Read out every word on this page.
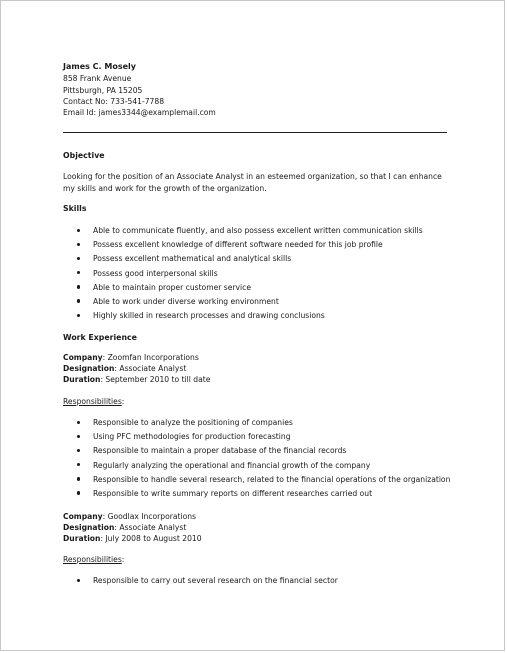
James C. Mosely
858 Frank Avenue
Pittsburgh, PA 15205
Contact No: 733-541-7788
Email Id: james3344@examplemail.com
Objective

Looking for the position of an Associate Analyst in an esteemed organization, so that I can enhance my skills and work for the growth of the organization.

Skills
Able to communicate fluently, and also possess excellent written communication skills
Possess excellent knowledge of different software needed for this job profile
Possess excellent mathematical and analytical skills
Possess good interpersonal skills
Able to maintain proper customer service
Able to work under diverse working environment
Highly skilled in research processes and drawing conclusions
Work Experience
Company: Zoomfan Incorporations
Designation: Associate Analyst
Duration: September 2010 to till date
Responsibilities:
Responsible to analyze the positioning of companies
Using PFC methodologies for production forecasting
Responsible to maintain a proper database of the financial records
Regularly analyzing the operational and financial growth of the company
Responsible to handle several research, related to the financial operations of the organization
Responsible to write summary reports on different researches carried out
Company: Goodlax Incorporations
Designation: Associate Analyst
Duration: July 2008 to August 2010
Responsibilities:
Responsible to carry out several research on the financial sector
